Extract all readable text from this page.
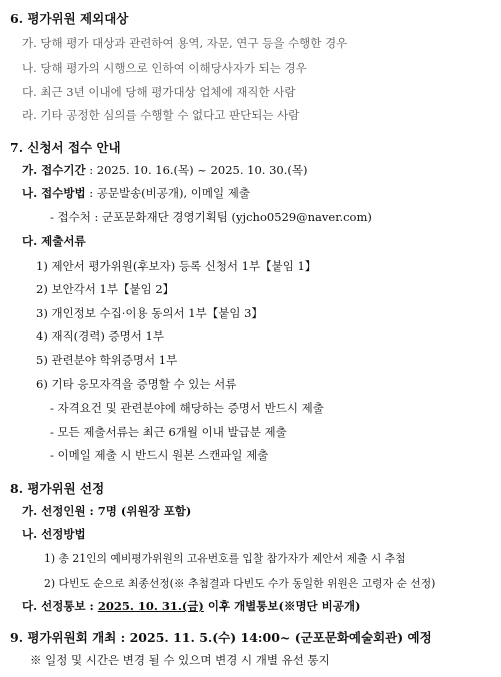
6. 평가위원 제외대상
가. 당해 평가 대상과 관련하여 용역, 자문, 연구 등을 수행한 경우
나. 당해 평가의 시행으로 인하여 이해당사자가 되는 경우
다. 최근 3년 이내에 당해 평가대상 업체에 재직한 사람
라. 기타 공정한 심의를 수행할 수 없다고 판단되는 사람
7. 신청서 접수 안내
가. 접수기간 : 2025. 10. 16.(목) ~ 2025. 10. 30.(목)
나. 접수방법 : 공문발송(비공개), 이메일 제출
- 접수처 : 군포문화재단 경영기획팀 (yjcho0529@naver.com)
다. 제출서류
1) 제안서 평가위원(후보자) 등록 신청서 1부【붙임 1】
2) 보안각서 1부【붙임 2】
3) 개인정보 수집·이용 동의서 1부【붙임 3】
4) 재직(경력) 증명서 1부
5) 관련분야 학위증명서 1부
6) 기타 응모자격을 증명할 수 있는 서류
- 자격요건 및 관련분야에 해당하는 증명서 반드시 제출
- 모든 제출서류는 최근 6개월 이내 발급분 제출
- 이메일 제출 시 반드시 원본 스캔파일 제출
8. 평가위원 선정
가. 선정인원 : 7명 (위원장 포함)
나. 선정방법
1) 총 21인의 예비평가위원의 고유번호를 입찰 참가자가 제안서 제출 시 추첨
2) 다빈도 순으로 최종선정(※ 추첨결과 다빈도 수가 동일한 위원은 고령자 순 선정)
다. 선정통보 : 2025. 10. 31.(금) 이후 개별통보(※명단 비공개)
9. 평가위원회 개최 : 2025. 11. 5.(수) 14:00~ (군포문화예술회관) 예정
※ 일정 및 시간은 변경 될 수 있으며 변경 시 개별 유선 통지
